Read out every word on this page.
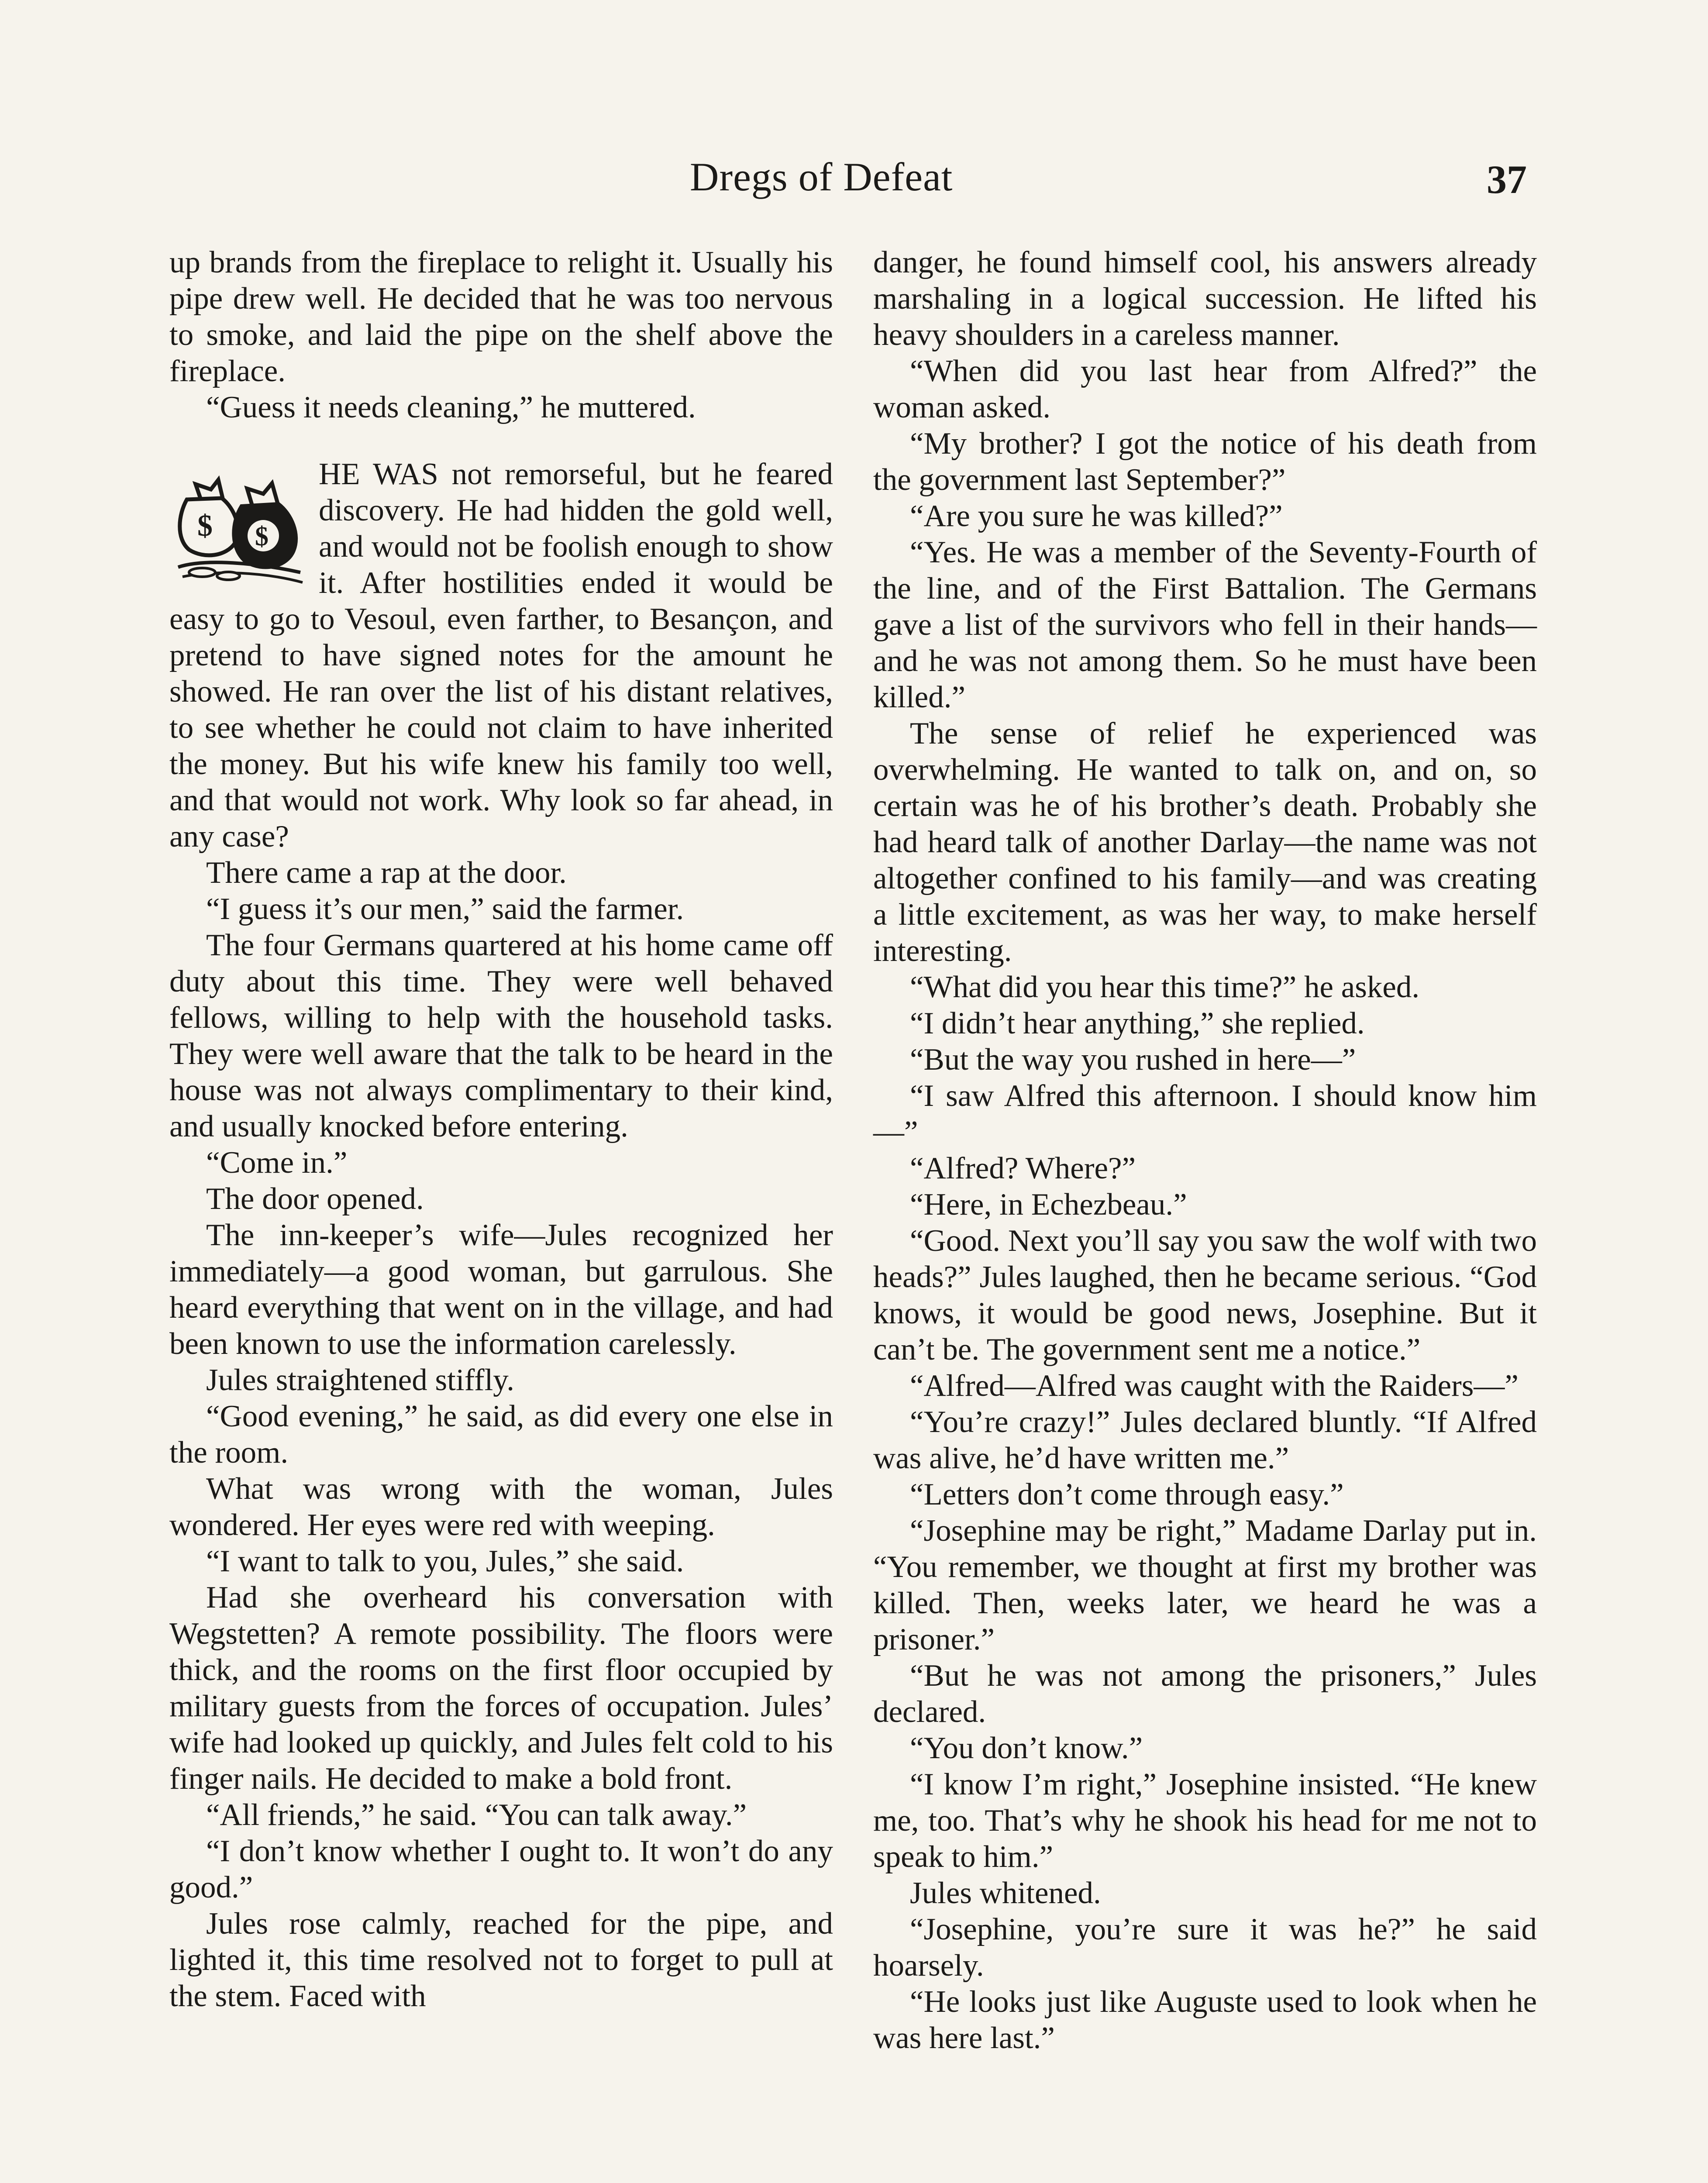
Dregs of Defeat	37

up brands from the fireplace to relight it. Usually his pipe drew well. He decided that he was too nervous to smoke, and laid the pipe on the shelf above the fireplace.

“Guess it needs cleaning,” he muttered.

$ $

HE WAS not remorseful, but he feared discovery. He had hidden the gold well, and would not be foolish enough to show it. After hostilities ended it would be easy to go to Vesoul, even farther, to Besançon, and pretend to have signed notes for the amount he showed. He ran over the list of his distant relatives, to see whether he could not claim to have inherited the money. But his wife knew his family too well, and that would not work. Why look so far ahead, in any case?

There came a rap at the door.

“I guess it’s our men,” said the farmer.

The four Germans quartered at his home came off duty about this time. They were well behaved fellows, willing to help with the household tasks. They were well aware that the talk to be heard in the house was not always complimentary to their kind, and usually knocked before entering.

“Come in.”

The door opened.

The inn-keeper’s wife—Jules recognized her immediately—a good woman, but garrulous. She heard everything that went on in the village, and had been known to use the information carelessly.

Jules straightened stiffly.

“Good evening,” he said, as did every one else in the room.

What was wrong with the woman, Jules wondered. Her eyes were red with weeping.

“I want to talk to you, Jules,” she said.

Had she overheard his conversation with Wegstetten? A remote possibility. The floors were thick, and the rooms on the first floor occupied by military guests from the forces of occupation. Jules’ wife had looked up quickly, and Jules felt cold to his finger nails. He decided to make a bold front.

“All friends,” he said. “You can talk away.”

“I don’t know whether I ought to. It won’t do any good.”

Jules rose calmly, reached for the pipe, and lighted it, this time resolved not to forget to pull at the stem. Faced with

danger, he found himself cool, his answers already marshaling in a logical succession. He lifted his heavy shoulders in a careless manner.

“When did you last hear from Alfred?” the woman asked.

“My brother? I got the notice of his death from the government last September?”

“Are you sure he was killed?”

“Yes. He was a member of the Seventy-Fourth of the line, and of the First Battalion. The Germans gave a list of the survivors who fell in their hands—and he was not among them. So he must have been killed.”

The sense of relief he experienced was overwhelming. He wanted to talk on, and on, so certain was he of his brother’s death. Probably she had heard talk of another Darlay—the name was not altogether confined to his family—and was creating a little excitement, as was her way, to make herself interesting.

“What did you hear this time?” he asked.

“I didn’t hear anything,” she replied.

“But the way you rushed in here—”

“I saw Alfred this afternoon. I should know him—”

“Alfred? Where?”

“Here, in Echezbeau.”

“Good. Next you’ll say you saw the wolf with two heads?” Jules laughed, then he became serious. “God knows, it would be good news, Josephine. But it can’t be. The government sent me a notice.”

“Alfred—Alfred was caught with the Raiders—”

“You’re crazy!” Jules declared bluntly. “If Alfred was alive, he’d have written me.”

“Letters don’t come through easy.”

“Josephine may be right,” Madame Darlay put in. “You remember, we thought at first my brother was killed. Then, weeks later, we heard he was a prisoner.”

“But he was not among the prisoners,” Jules declared.

“You don’t know.”

“I know I’m right,” Josephine insisted. “He knew me, too. That’s why he shook his head for me not to speak to him.”

Jules whitened.

“Josephine, you’re sure it was he?” he said hoarsely.

“He looks just like Auguste used to look when he was here last.”
